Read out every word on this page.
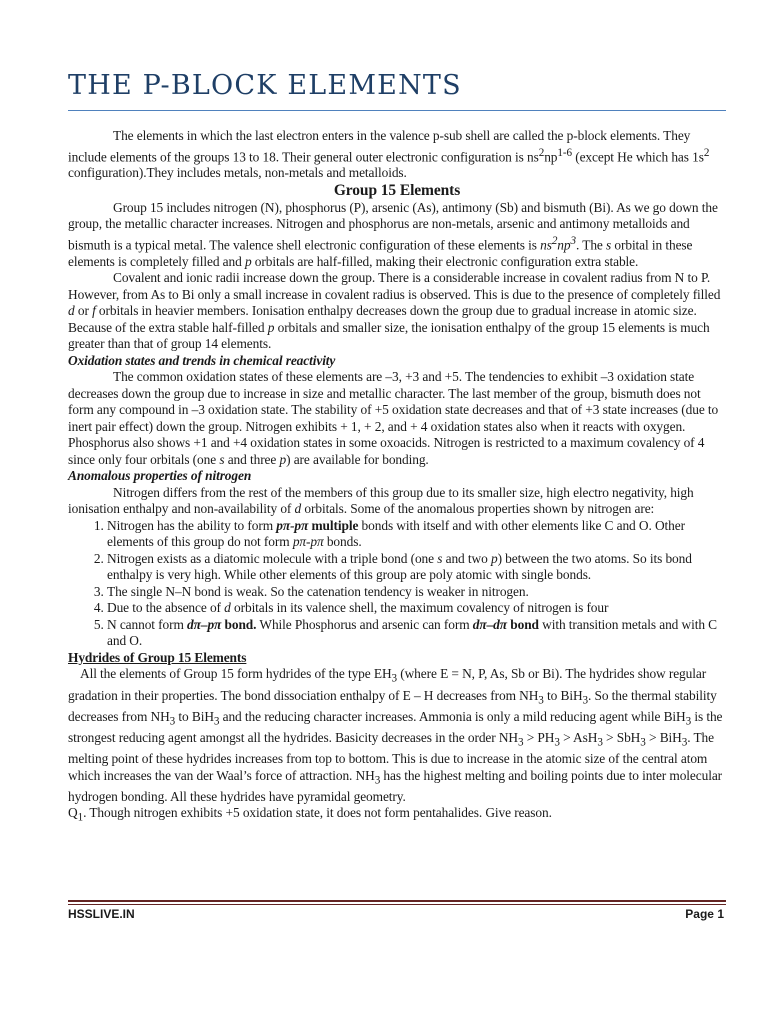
THE P-BLOCK ELEMENTS

The elements in which the last electron enters in the valence p-sub shell are called the p-block elements. They include elements of the groups 13 to 18. Their general outer electronic configuration is $ns^2np^{1-6}$ (except He which has $1s^2$ configuration).They includes metals, non-metals and metalloids.

Group 15 Elements

Group 15 includes nitrogen (N), phosphorus (P), arsenic (As), antimony (Sb) and bismuth (Bi). As we go down the group, the metallic character increases. Nitrogen and phosphorus are non-metals, arsenic and antimony metalloids and bismuth is a typical metal. The valence shell electronic configuration of these elements is $ns^2np^3$. The s orbital in these elements is completely filled and p orbitals are half-filled, making their electronic configuration extra stable.

Covalent and ionic radii increase down the group. There is a considerable increase in covalent radius from N to P. However, from As to Bi only a small increase in covalent radius is observed. This is due to the presence of completely filled d or f orbitals in heavier members. Ionisation enthalpy decreases down the group due to gradual increase in atomic size. Because of the extra stable half-filled p orbitals and smaller size, the ionisation enthalpy of the group 15 elements is much greater than that of group 14 elements.

Oxidation states and trends in chemical reactivity

The common oxidation states of these elements are –3, +3 and +5. The tendencies to exhibit –3 oxidation state decreases down the group due to increase in size and metallic character. The last member of the group, bismuth does not form any compound in –3 oxidation state. The stability of +5 oxidation state decreases and that of +3 state increases (due to inert pair effect) down the group. Nitrogen exhibits + 1, + 2, and + 4 oxidation states also when it reacts with oxygen. Phosphorus also shows +1 and +4 oxidation states in some oxoacids. Nitrogen is restricted to a maximum covalency of 4 since only four orbitals (one s and three p) are available for bonding.

Anomalous properties of nitrogen

Nitrogen differs from the rest of the members of this group due to its smaller size, high electro negativity, high ionisation enthalpy and non-availability of d orbitals. Some of the anomalous properties shown by nitrogen are:

1. Nitrogen has the ability to form pπ-pπ multiple bonds with itself and with other elements like C and O. Other elements of this group do not form pπ-pπ bonds.
2. Nitrogen exists as a diatomic molecule with a triple bond (one s and two p) between the two atoms. So its bond enthalpy is very high. While other elements of this group are poly atomic with single bonds.
3. The single N–N bond is weak. So the catenation tendency is weaker in nitrogen.
4. Due to the absence of d orbitals in its valence shell, the maximum covalency of nitrogen is four
5. N cannot form dπ–pπ bond. While Phosphorus and arsenic can form dπ–dπ bond with transition metals and with C and O.

Hydrides of Group 15 Elements

All the elements of Group 15 form hydrides of the type $EH_3$ (where E = N, P, As, Sb or Bi). The hydrides show regular gradation in their properties. The bond dissociation enthalpy of E – H decreases from $NH_3$ to BiH$_3$. So the thermal stability decreases from $NH_3$ to BiH$_3$ and the reducing character increases. Ammonia is only a mild reducing agent while BiH$_3$ is the strongest reducing agent amongst all the hydrides. Basicity decreases in the order $NH_3 > PH_3 > AsH_3 > SbH_3 > BiH_3$. The melting point of these hydrides increases from top to bottom. This is due to increase in the atomic size of the central atom which increases the van der Waal’s force of attraction. $NH_3$ has the highest melting and boiling points due to inter molecular hydrogen bonding. All these hydrides have pyramidal geometry.

$Q_1$. Though nitrogen exhibits +5 oxidation state, it does not form pentahalides. Give reason.

HSSLIVE.IN	Page 1
